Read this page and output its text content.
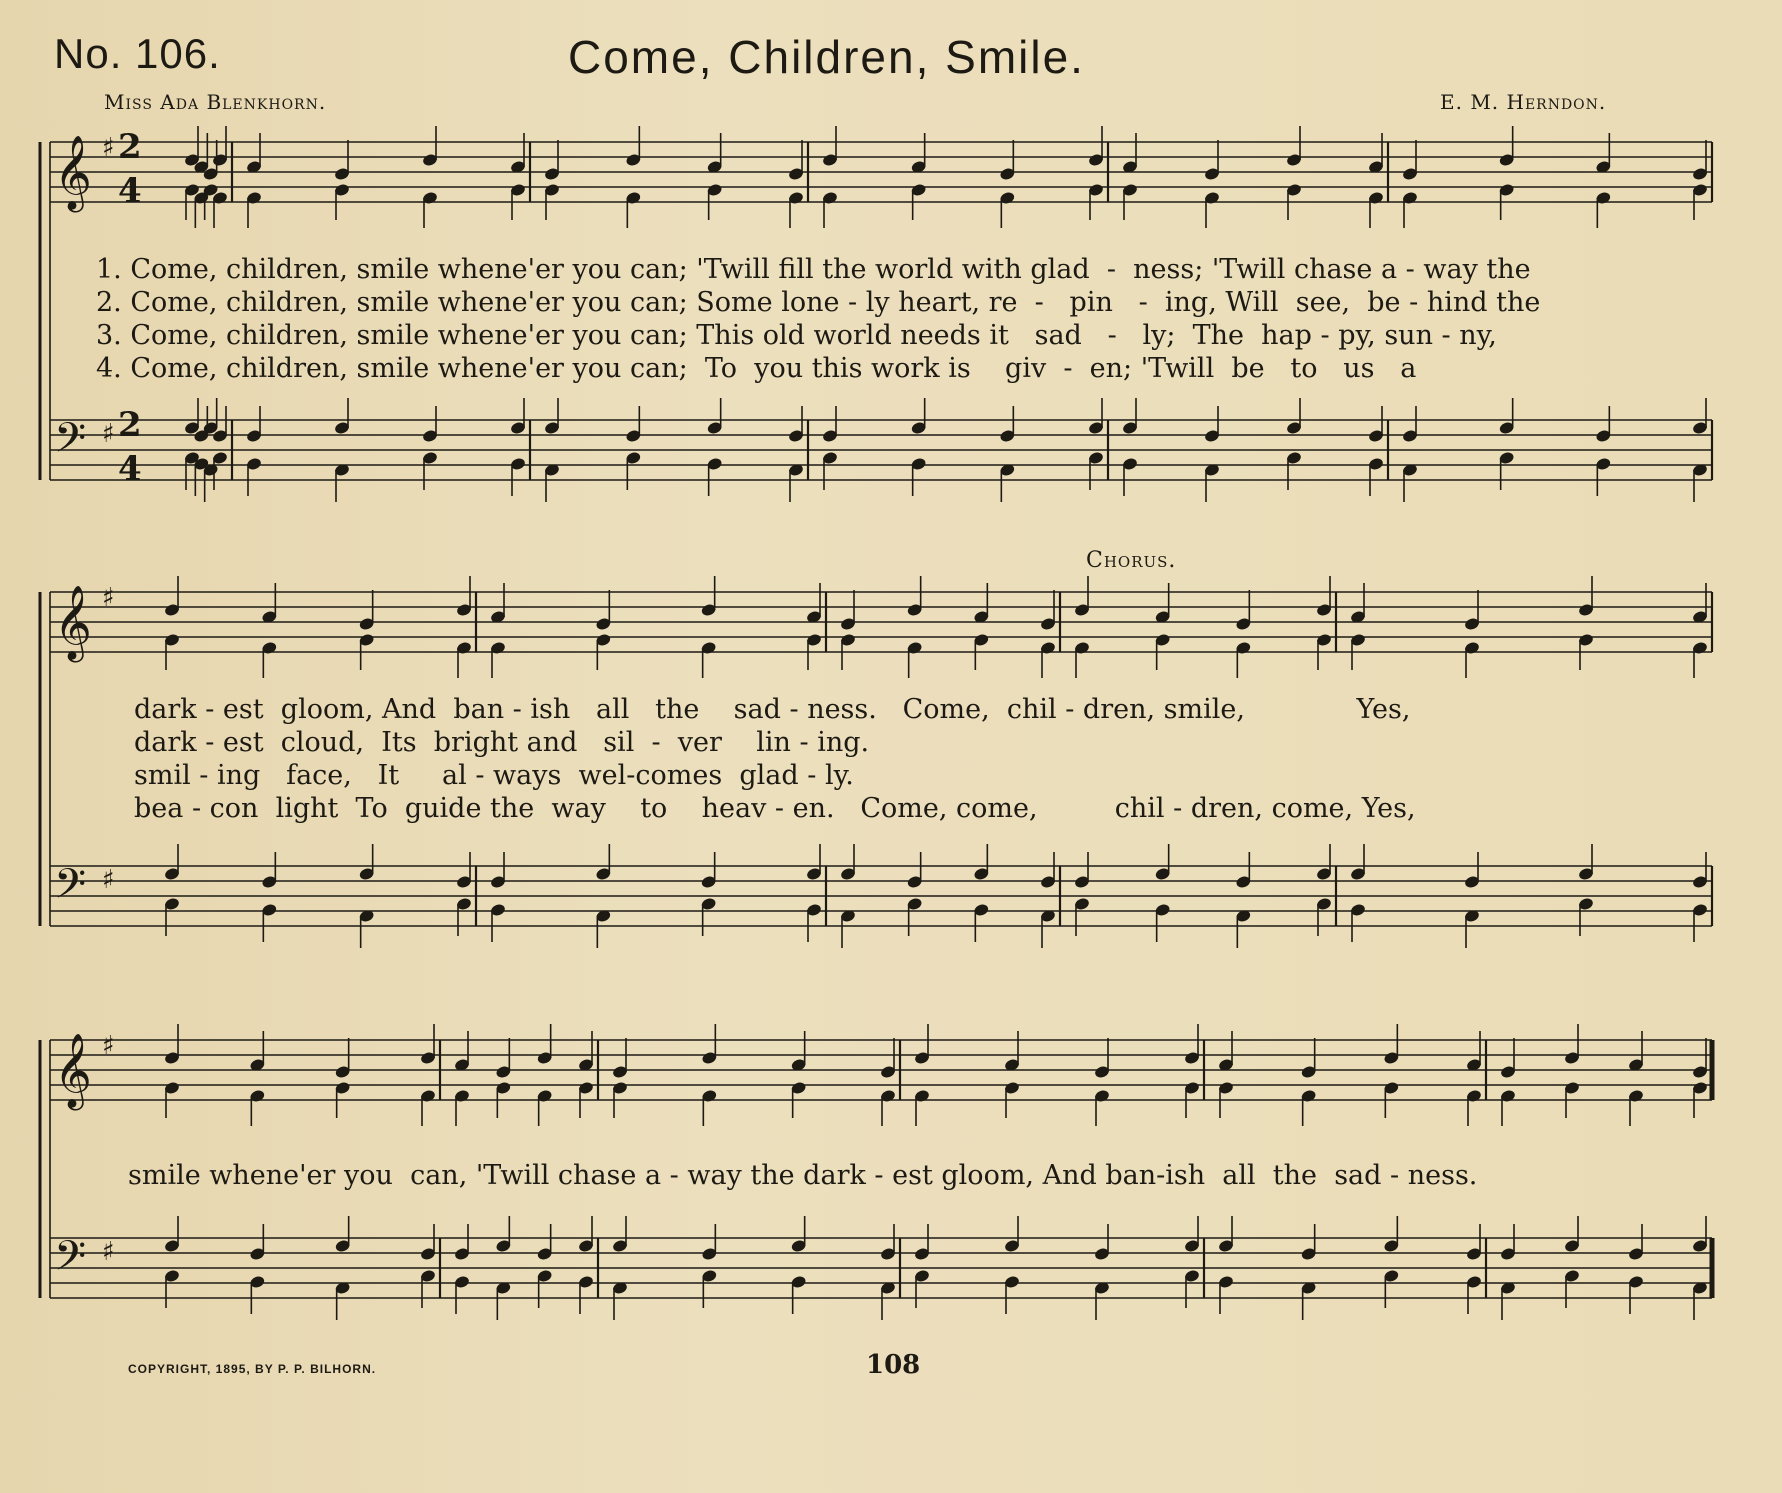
No. 106.	Come, Children, Smile.
Miss Ada Blenkhorn.	E. M. Herndon.
𝄞
𝄢
♯
♯
𝄞
𝄢
♯
♯
𝄞
𝄢
♯
♯
2
4
2
4
1. Come, children, smile whene'er you can; 'Twill fill the world with glad  -  ness; 'Twill chase a - way the
2. Come, children, smile whene'er you can; Some lone - ly heart, re  -   pin   -  ing, Will  see,  be - hind the
3. Come, children, smile whene'er you can; This old world needs it   sad   -   ly;  The  hap - py, sun - ny,
4. Come, children, smile whene'er you can;  To  you this work is    giv  -  en; 'Twill  be   to   us   a
Chorus.
dark - est  gloom, And  ban - ish   all   the    sad - ness.   Come,  chil - dren, smile,             Yes,
dark - est  cloud,  Its  bright and   sil  -  ver    lin - ing.
smil - ing   face,   It     al - ways  wel-comes  glad - ly.
bea - con  light  To  guide the  way    to    heav - en.   Come, come,         chil - dren, come, Yes,
smile whene'er you  can, 'Twill chase a - way the dark - est gloom, And ban-ish  all  the  sad - ness.
COPYRIGHT, 1895, BY P. P. BILHORN.	108
